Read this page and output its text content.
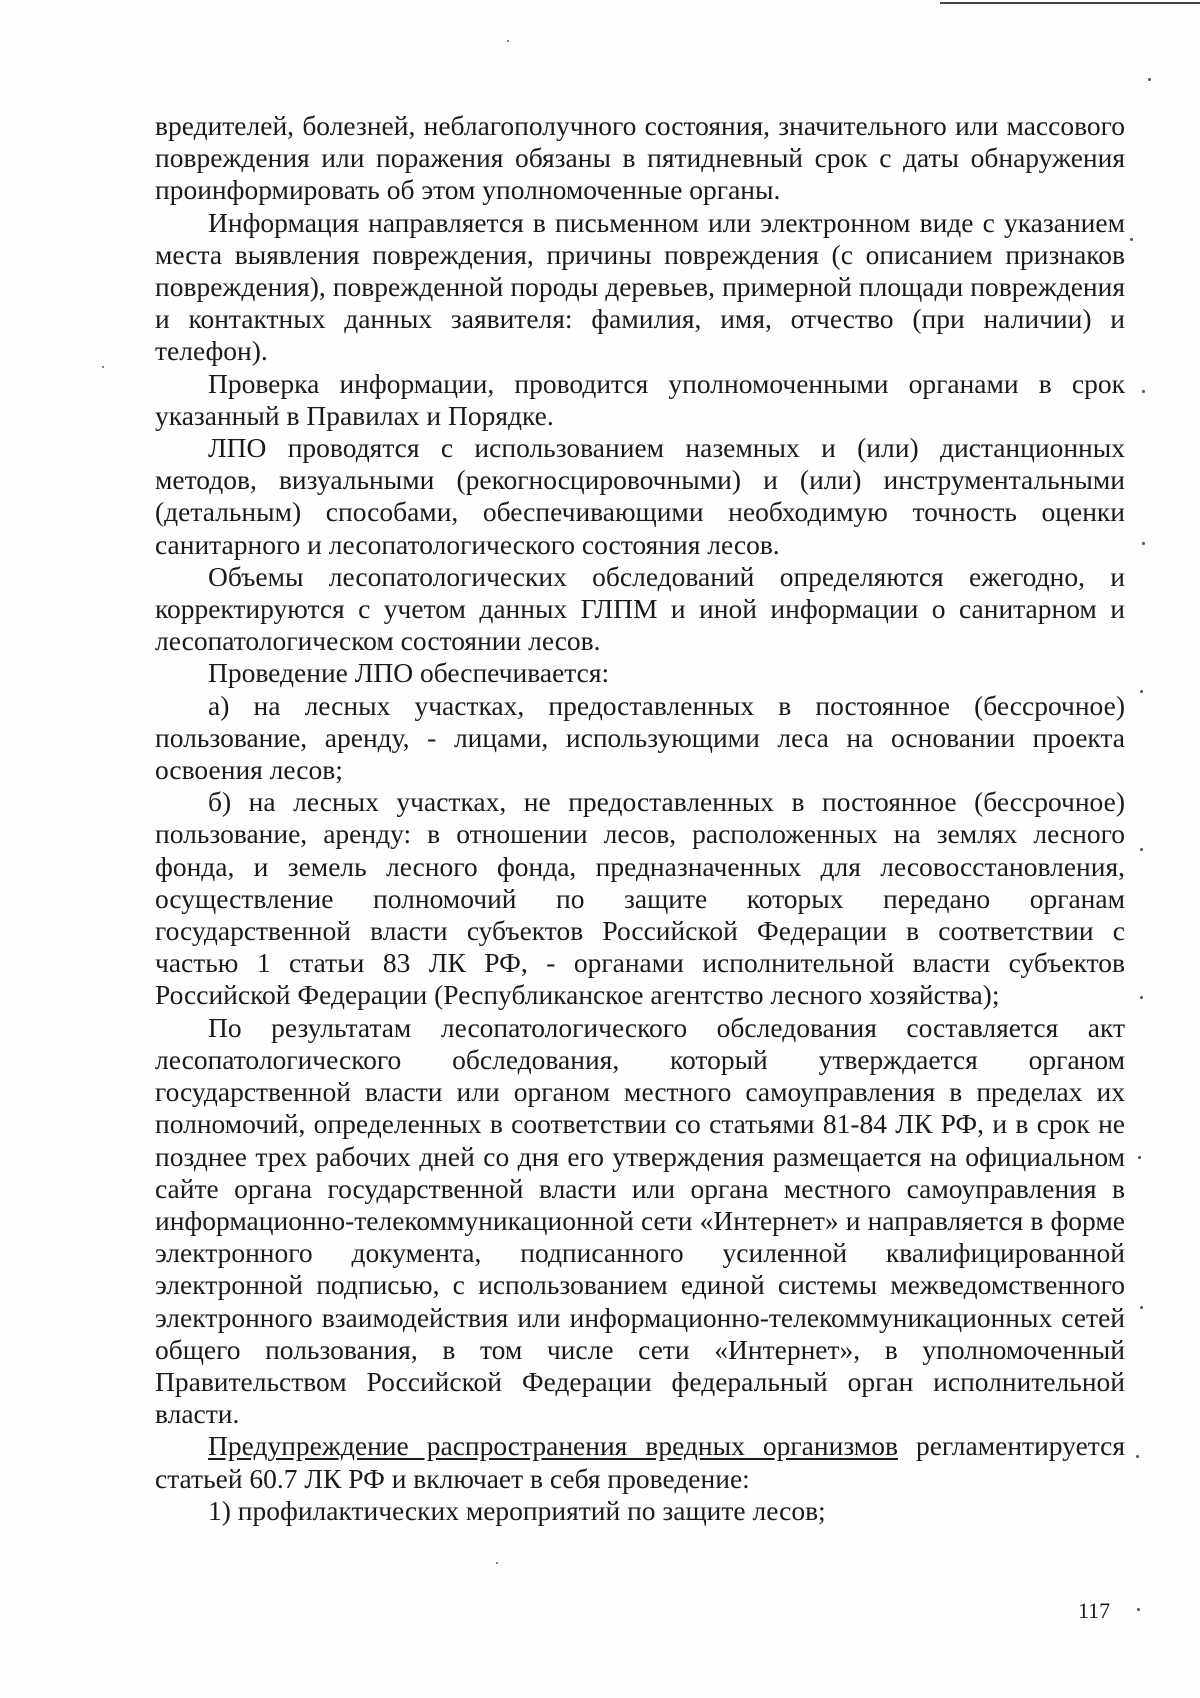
вредителей, болезней, неблагополучного состояния, значительного или массового повреждения или поражения обязаны в пятидневный срок с даты обнаружения проинформировать об этом уполномоченные органы.

Информация направляется в письменном или электронном виде с указанием места выявления повреждения, причины повреждения (с описанием признаков повреждения), поврежденной породы деревьев, примерной площади повреждения и контактных данных заявителя: фамилия, имя, отчество (при наличии) и телефон).

Проверка информации, проводится уполномоченными органами в срок указанный в Правилах и Порядке.

ЛПО проводятся с использованием наземных и (или) дистанционных методов, визуальными (рекогносцировочными) и (или) инструментальными (детальным) способами, обеспечивающими необходимую точность оценки санитарного и лесопатологического состояния лесов.

Объемы лесопатологических обследований определяются ежегодно, и корректируются с учетом данных ГЛПМ и иной информации о санитарном и лесопатологическом состоянии лесов.

Проведение ЛПО обеспечивается:

а) на лесных участках, предоставленных в постоянное (бессрочное) пользование, аренду, - лицами, использующими леса на основании проекта освоения лесов;

б) на лесных участках, не предоставленных в постоянное (бессрочное) пользование, аренду: в отношении лесов, расположенных на землях лесного фонда, и земель лесного фонда, предназначенных для лесовосстановления, осуществление полномочий по защите которых передано органам государственной власти субъектов Российской Федерации в соответствии с частью 1 статьи 83 ЛК РФ, - органами исполнительной власти субъектов Российской Федерации (Республиканское агентство лесного хозяйства);

По результатам лесопатологического обследования составляется акт лесопатологического обследования, который утверждается органом государственной власти или органом местного самоуправления в пределах их полномочий, определенных в соответствии со статьями 81-84 ЛК РФ, и в срок не позднее трех рабочих дней со дня его утверждения размещается на официальном сайте органа государственной власти или органа местного самоуправления в информационно-телекоммуникационной сети «Интернет» и направляется в форме электронного документа, подписанного усиленной квалифицированной электронной подписью, с использованием единой системы межведомственного электронного взаимодействия или информационно-телекоммуникационных сетей общего пользования, в том числе сети «Интернет», в уполномоченный Правительством Российской Федерации федеральный орган исполнительной власти.

Предупреждение распространения вредных организмов регламентируется статьей 60.7 ЛК РФ и включает в себя проведение:

1) профилактических мероприятий по защите лесов;

117
